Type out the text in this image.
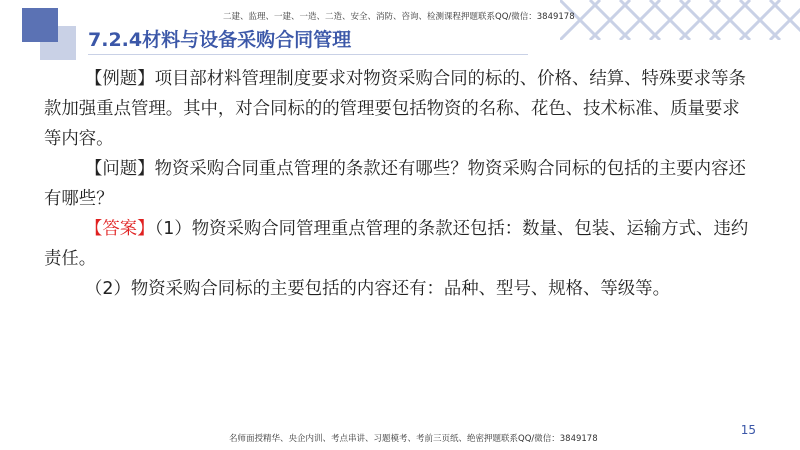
二建、监理、一建、一造、二造、安全、消防、咨询、检测课程押题联系QQ/微信：3849178
7.2.4材料与设备采购合同管理

【例题】项目部材料管理制度要求对物资采购合同的标的、价格、结算、特殊要求等条款加强重点管理。其中，对合同标的的管理要包括物资的名称、花色、技术标准、质量要求等内容。

【问题】物资采购合同重点管理的条款还有哪些？物资采购合同标的包括的主要内容还有哪些？

【答案】（1）物资采购合同管理重点管理的条款还包括：数量、包装、运输方式、违约责任。

（2）物资采购合同标的主要包括的内容还有：品种、型号、规格、等级等。

15
名师面授精华、央企内训、考点串讲、习题模考、考前三页纸、绝密押题联系QQ/微信：3849178
